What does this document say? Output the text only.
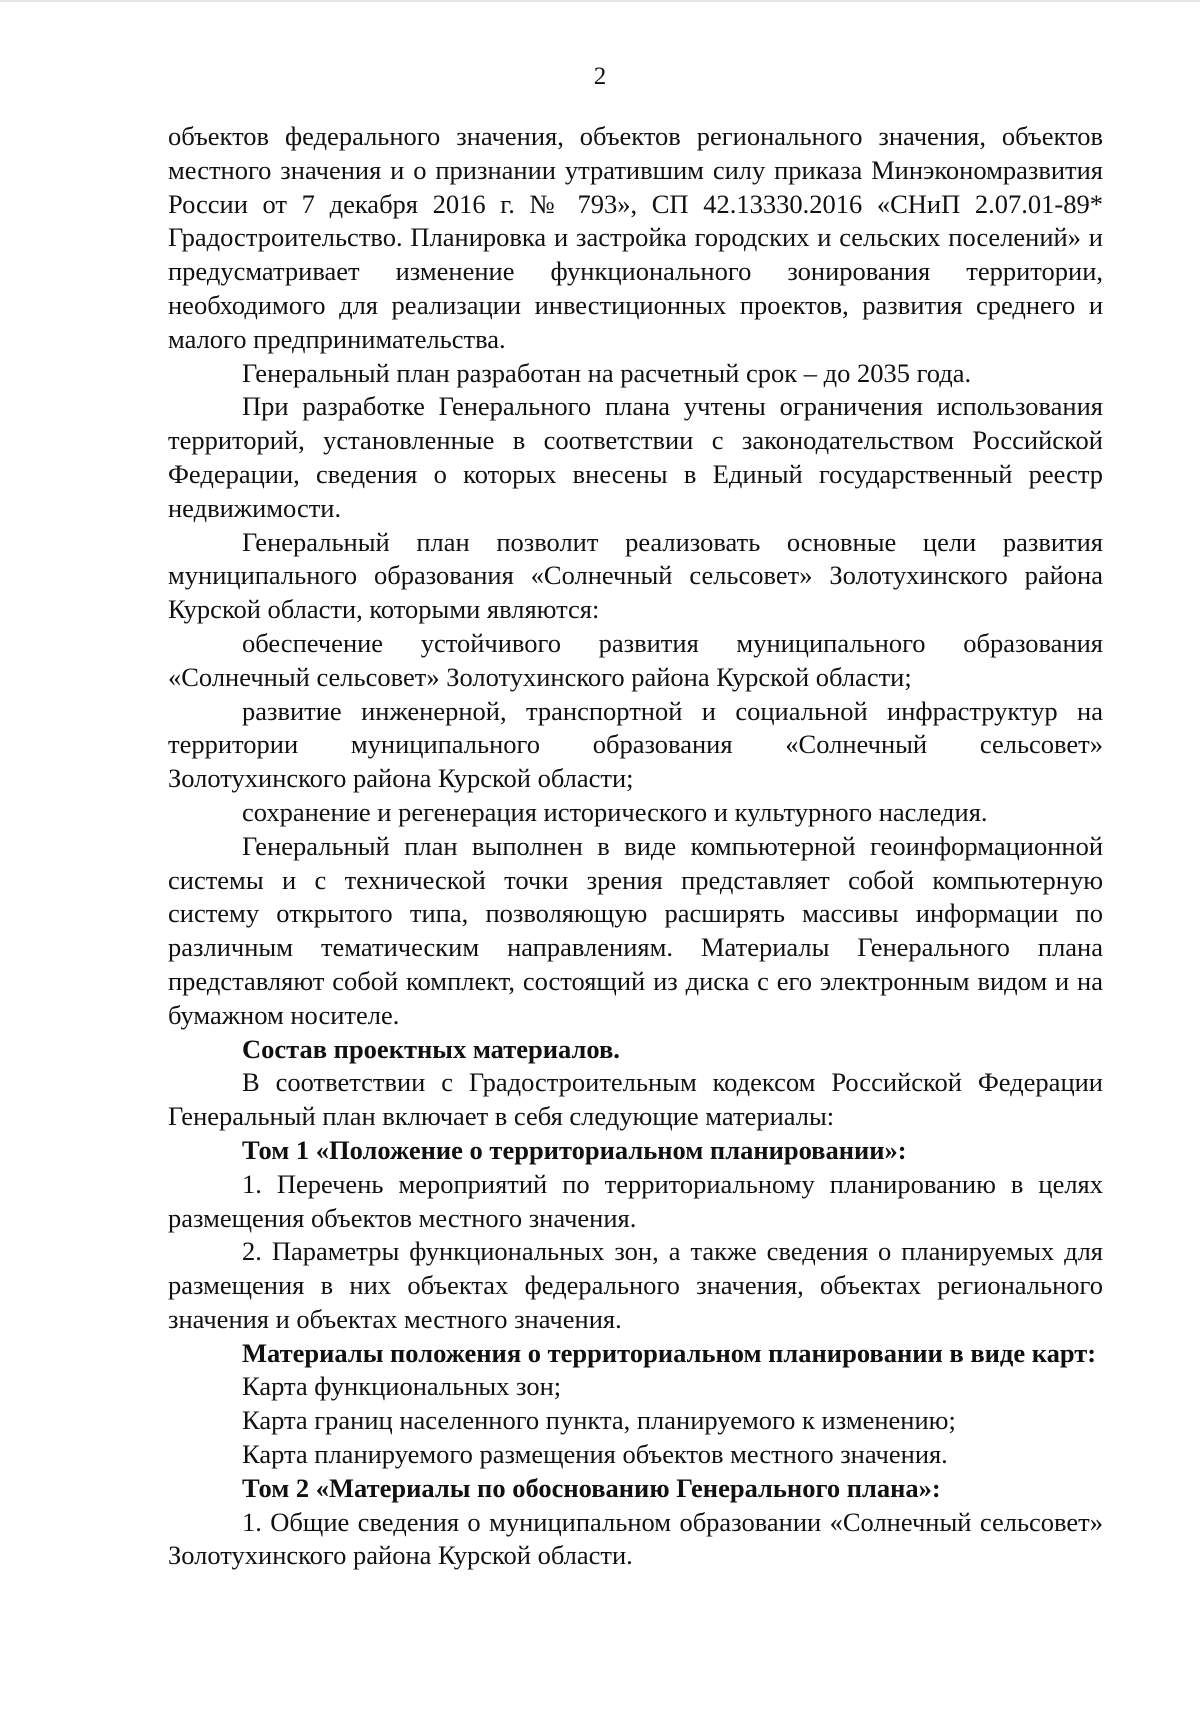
2

объектов федерального значения, объектов регионального значения, объектов местного значения и о признании утратившим силу приказа Минэкономразвития России от 7 декабря 2016 г. № 793», СП 42.13330.2016 «СНиП 2.07.01-89* Градостроительство. Планировка и застройка городских и сельских поселений» и предусматривает изменение функционального зонирования территории, необходимого для реализации инвестиционных проектов, развития среднего и малого предпринимательства.

Генеральный план разработан на расчетный срок – до 2035 года.

При разработке Генерального плана учтены ограничения использования территорий, установленные в соответствии с законодательством Российской Федерации, сведения о которых внесены в Единый государственный реестр недвижимости.

Генеральный план позволит реализовать основные цели развития муниципального образования «Солнечный сельсовет» Золотухинского района Курской области, которыми являются:

обеспечение устойчивого развития муниципального образования «Солнечный сельсовет» Золотухинского района Курской области;

развитие инженерной, транспортной и социальной инфраструктур на территории муниципального образования «Солнечный сельсовет» Золотухинского района Курской области;

сохранение и регенерация исторического и культурного наследия.

Генеральный план выполнен в виде компьютерной геоинформационной системы и с технической точки зрения представляет собой компьютерную систему открытого типа, позволяющую расширять массивы информации по различным тематическим направлениям. Материалы Генерального плана представляют собой комплект, состоящий из диска с его электронным видом и на бумажном носителе.

Состав проектных материалов.

В соответствии с Градостроительным кодексом Российской Федерации Генеральный план включает в себя следующие материалы:

Том 1 «Положение о территориальном планировании»:

1. Перечень мероприятий по территориальному планированию в целях размещения объектов местного значения.

2. Параметры функциональных зон, а также сведения о планируемых для размещения в них объектах федерального значения, объектах регионального значения и объектах местного значения.

Материалы положения о территориальном планировании в виде карт:

Карта функциональных зон;

Карта границ населенного пункта, планируемого к изменению;

Карта планируемого размещения объектов местного значения.

Том 2 «Материалы по обоснованию Генерального плана»:

1. Общие сведения о муниципальном образовании «Солнечный сельсовет» Золотухинского района Курской области.
